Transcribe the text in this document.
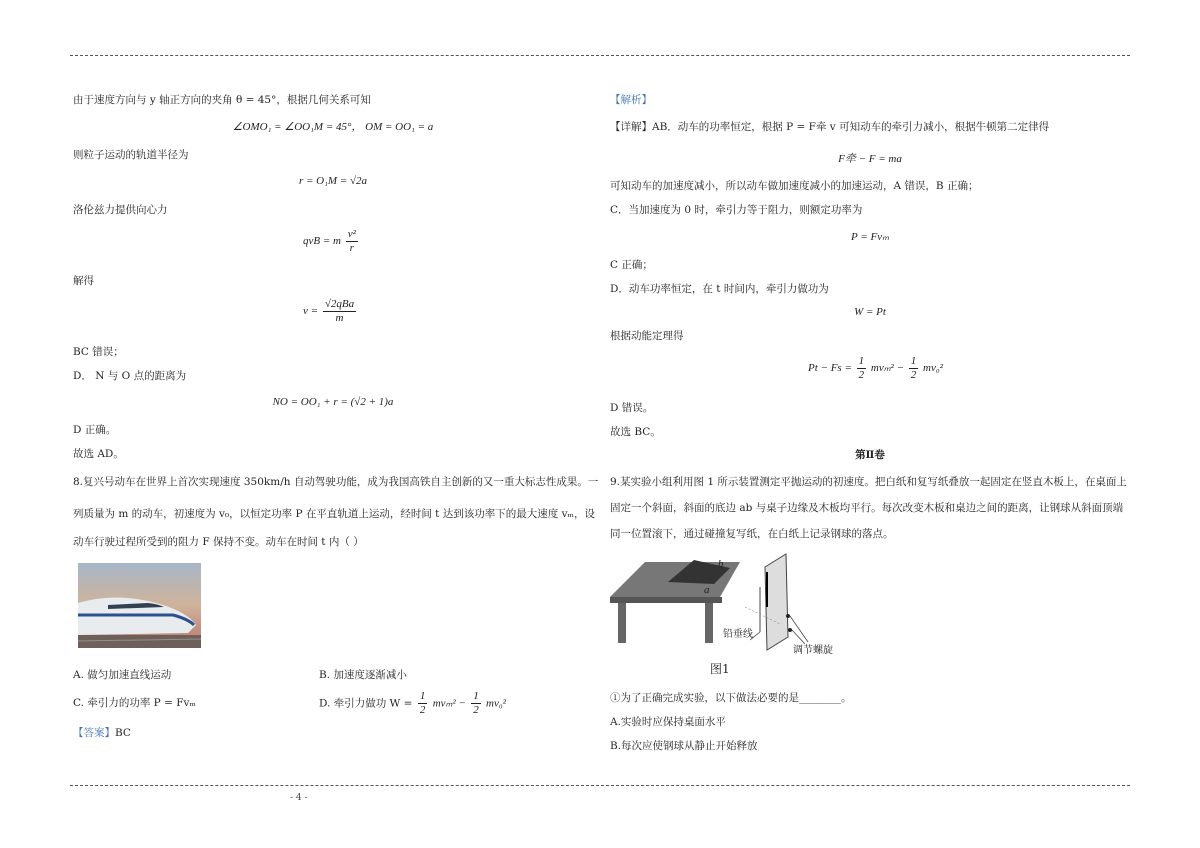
由于速度方向与 y 轴正方向的夹角 θ = 45°，根据几何关系可知
∠OMO₁ = ∠OO₁M = 45°， OM = OO₁ = a
则粒子运动的轨道半径为
r = O₁M = √2a
洛伦兹力提供向心力
qvB = m $\frac{\text{v²}}{r}$
解得
$v = \frac{\text{√2qBa}}{m}$
BC 错误；
D． N 与 O 点的距离为
NO = OO₁ + r = (√2 + 1)a
D 正确。
故选 AD。
8.复兴号动车在世界上首次实现速度 350km/h 自动驾驶功能，成为我国高铁自主创新的又一重大标志性成果。一
列质量为 m 的动车，初速度为 v₀，以恒定功率 P 在平直轨道上运动，经时间 t 达到该功率下的最大速度 vₘ，设
动车行驶过程所受到的阻力 F 保持不变。动车在时间 t 内（ ）
A. 做匀加速直线运动	B. 加速度逐渐减小
C. 牵引力的功率 P = Fvₘ	D. 牵引力做功 $W = \frac{1}{2} mv_m^2 - \frac{1}{2} mv_0^2$
【答案】BC
【解析】
【详解】AB．动车的功率恒定，根据 P = F牵 v 可知动车的牵引力减小，根据牛顿第二定律得
F牵 − F = ma
可知动车的加速度减小，所以动车做加速度减小的加速运动，A 错误，B 正确；
C．当加速度为 0 时，牵引力等于阻力，则额定功率为
P = Fvₘ
C 正确；
D．动车功率恒定，在 t 时间内，牵引力做功为
W = Pt
根据动能定理得
$Pt - Fs = \frac{1}{2} mv_m^2 - \frac{1}{2} mv_0^2$
D 错误。
故选 BC。
第Ⅱ卷
9.某实验小组利用图 1 所示装置测定平抛运动的初速度。把白纸和复写纸叠放一起固定在竖直木板上，在桌面上
固定一个斜面，斜面的底边 ab 与桌子边缘及木板均平行。每次改变木板和桌边之间的距离，让钢球从斜面顶端
同一位置滚下，通过碰撞复写纸，在白纸上记录钢球的落点。
b
a
铅垂线
调节螺旋
图1
①为了正确完成实验，以下做法必要的是________。
A.实验时应保持桌面水平
B.每次应使钢球从静止开始释放
- 4 -
